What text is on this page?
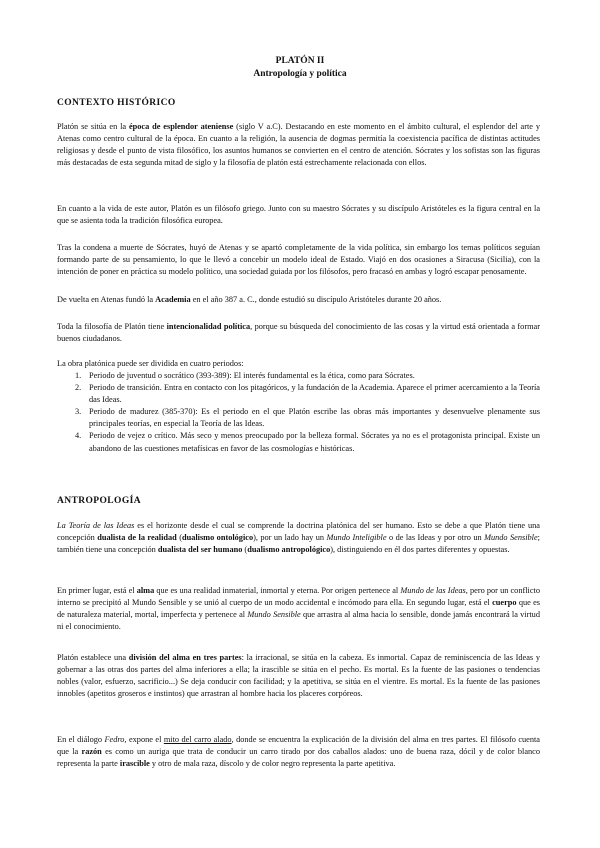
PLATÓN II
Antropología y política
CONTEXTO HISTÓRICO
Platón se sitúa en la época de esplendor ateniense (siglo V a.C). Destacando en este momento en el ámbito cultural, el esplendor del arte y Atenas como centro cultural de la época. En cuanto a la religión, la ausencia de dogmas permitía la coexistencia pacífica de distintas actitudes religiosas y desde el punto de vista filosófico, los asuntos humanos se convierten en el centro de atención. Sócrates y los sofistas son las figuras más destacadas de esta segunda mitad de siglo y la filosofía de platón está estrechamente relacionada con ellos.
En cuanto a la vida de este autor, Platón es un filósofo griego. Junto con su maestro Sócrates y su discípulo Aristóteles es la figura central en la que se asienta toda la tradición filosófica europea.
Tras la condena a muerte de Sócrates, huyó de Atenas y se apartó completamente de la vida política, sin embargo los temas políticos seguían formando parte de su pensamiento, lo que le llevó a concebir un modelo ideal de Estado. Viajó en dos ocasiones a Siracusa (Sicilia), con la intención de poner en práctica su modelo político, una sociedad guiada por los filósofos, pero fracasó en ambas y logró escapar penosamente.
De vuelta en Atenas fundó la Academia en el año 387 a. C., donde estudió su discípulo Aristóteles durante 20 años.
Toda la filosofía de Platón tiene intencionalidad política, porque su búsqueda del conocimiento de las cosas y la virtud está orientada a formar buenos ciudadanos.
La obra platónica puede ser dividida en cuatro periodos:
1. Periodo de juventud o socrático (393-389): El interés fundamental es la ética, como para Sócrates.
2. Periodo de transición. Entra en contacto con los pitagóricos, y la fundación de la Academia. Aparece el primer acercamiento a la Teoría das Ideas.
3. Periodo de madurez (385-370): Es el periodo en el que Platón escribe las obras más importantes y desenvuelve plenamente sus principales teorías, en especial la Teoría de las Ideas.
4. Periodo de vejez o crítico. Más seco y menos preocupado por la belleza formal. Sócrates ya no es el protagonista principal. Existe un abandono de las cuestiones metafísicas en favor de las cosmologías e históricas.
ANTROPOLOGÍA
La Teoría de las Ideas es el horizonte desde el cual se comprende la doctrina platónica del ser humano. Esto se debe a que Platón tiene una concepción dualista de la realidad (dualismo ontológico), por un lado hay un Mundo Inteligible o de las Ideas y por otro un Mundo Sensible; también tiene una concepción dualista del ser humano (dualismo antropológico), distinguiendo en él dos partes diferentes y opuestas.
En primer lugar, está el alma que es una realidad inmaterial, inmortal y eterna. Por origen pertenece al Mundo de las Ideas, pero por un conflicto interno se precipitó al Mundo Sensible y se unió al cuerpo de un modo accidental e incómodo para ella. En segundo lugar, está el cuerpo que es de naturaleza material, mortal, imperfecta y pertenece al Mundo Sensible que arrastra al alma hacia lo sensible, donde jamás encontrará la virtud ni el conocimiento.
Platón establece una división del alma en tres partes: la irracional, se sitúa en la cabeza. Es inmortal. Capaz de reminiscencia de las Ideas y gobernar a las otras dos partes del alma inferiores a ella; la irascible se sitúa en el pecho. Es mortal. Es la fuente de las pasiones o tendencias nobles (valor, esfuerzo, sacrificio...) Se deja conducir con facilidad; y la apetitiva, se sitúa en el vientre. Es mortal. Es la fuente de las pasiones innobles (apetitos groseros e instintos) que arrastran al hombre hacia los placeres corpóreos.
En el diálogo Fedro, expone el mito del carro alado, donde se encuentra la explicación de la división del alma en tres partes. El filósofo cuenta que la razón es como un auriga que trata de conducir un carro tirado por dos caballos alados: uno de buena raza, dócil y de color blanco representa la parte irascible y otro de mala raza, díscolo y de color negro representa la parte apetitiva.
